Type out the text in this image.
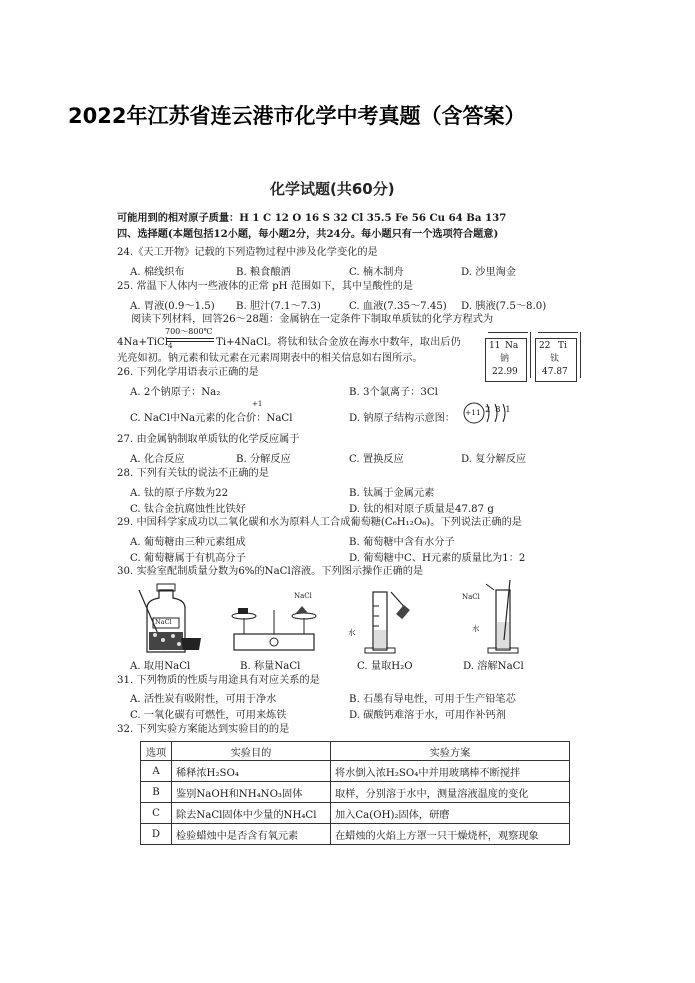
2022年江苏省连云港市化学中考真题（含答案）
化学试题(共60分)
可能用到的相对原子质量：H 1 C 12 O 16 S 32 Cl 35.5 Fe 56 Cu 64 Ba 137
四、选择题(本题包括12小题，每小题2分，共24分。每小题只有一个选项符合题意)
24.《天工开物》记载的下列造物过程中涉及化学变化的是
A. 棉线织布	B. 粮食酿酒	C. 楠木制舟	D. 沙里淘金
25. 常温下人体内一些液体的正常 pH 范围如下，其中呈酸性的是
A. 胃液(0.9～1.5) B. 胆汁(7.1～7.3)	C. 血液(7.35～7.45) D. 胰液(7.5～8.0)
阅读下列材料，回答26～28题：金属钠在一定条件下制取单质钛的化学方程式为
4Na+TiCl$_4$
700～800℃
Ti+4NaCl。将钛和钛合金放在海水中数年，取出后仍
光亮如初。钠元素和钛元素在元素周期表中的相关信息如右图所示。
11 Na
钠
22.99
22 Ti
钛
47.87
26. 下列化学用语表示正确的是
A. 2个钠原子：Na₂	B. 3个氯离子：3Cl
+1
C. NaCl中Na元素的化合价：NaCl	D. 钠原子结构示意图：
+11 2 8 1
27. 由金属钠制取单质钛的化学反应属于
A. 化合反应	B. 分解反应	C. 置换反应	D. 复分解反应
28. 下列有关钛的说法不正确的是
A. 钛的原子序数为22	B. 钛属于金属元素
C. 钛合金抗腐蚀性比铁好	D. 钛的相对原子质量是47.87 g
29. 中国科学家成功以二氧化碳和水为原料人工合成葡萄糖(C₆H₁₂O₆)。下列说法正确的是
A. 葡萄糖由三种元素组成	B. 葡萄糖中含有水分子
C. 葡萄糖属于有机高分子	D. 葡萄糖中C、H元素的质量比为1：2
30. 实验室配制质量分数为6%的NaCl溶液。下列图示操作正确的是
NaCl
NaCl
水
NaCl
水
A. 取用NaCl	B. 称量NaCl	C. 量取H₂O	D. 溶解NaCl
31. 下列物质的性质与用途具有对应关系的是
A. 活性炭有吸附性，可用于净水	B. 石墨有导电性，可用于生产铅笔芯
C. 一氧化碳有可燃性，可用来炼铁	D. 碳酸钙难溶于水，可用作补钙剂
32. 下列实验方案能达到实验目的的是
选项	实验目的	实验方案
A	稀释浓H₂SO₄	将水倒入浓H₂SO₄中并用玻璃棒不断搅拌
B	鉴别NaOH和NH₄NO₃固体	取样，分别溶于水中，测量溶液温度的变化
C	除去NaCl固体中少量的NH₄Cl	加入Ca(OH)₂固体，研磨
D	检验蜡烛中是否含有氧元素	在蜡烛的火焰上方罩一只干燥烧杯，观察现象
